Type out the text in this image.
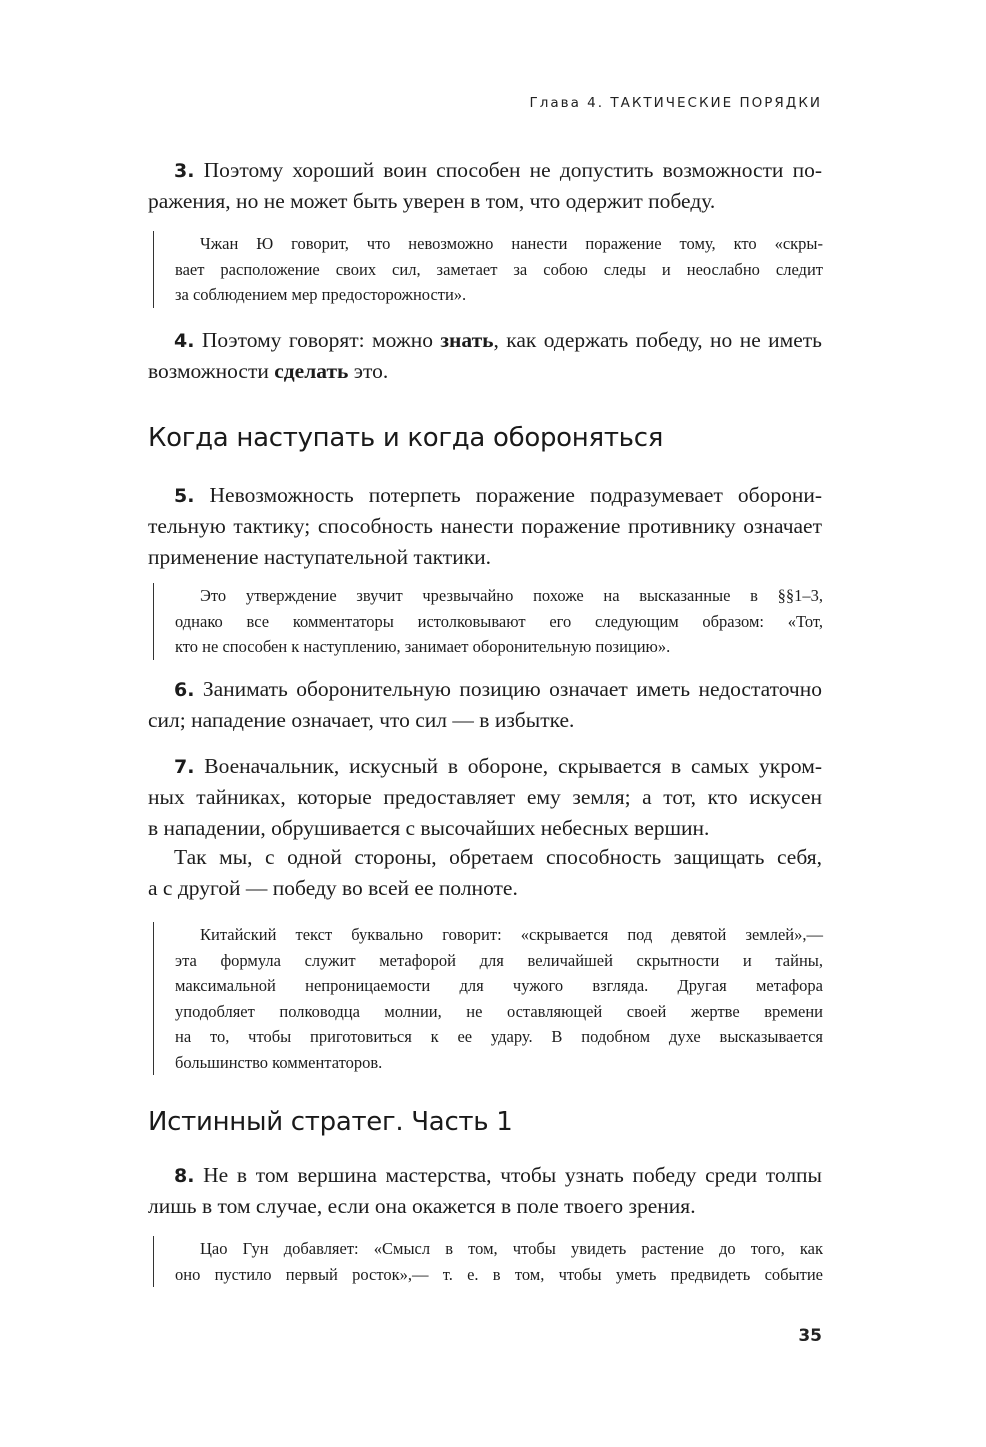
Глава 4. ТАКТИЧЕСКИЕ ПОРЯДКИ
Когда наступать и когда обороняться
Истинный стратег. Часть 1
3. Поэтому хороший воин способен не допустить возможности по-
ражения, но не может быть уверен в том, что одержит победу.
Чжан Ю говорит, что невозможно нанести поражение тому, кто «скры-
вает расположение своих сил, заметает за собою следы и неослабно следит
за соблюдением мер предосторожности».
4. Поэтому говорят: можно знать, как одержать победу, но не иметь
возможности сделать это.
5. Невозможность потерпеть поражение подразумевает оборони-
тельную тактику; способность нанести поражение противнику означает
применение наступательной тактики.
Это утверждение звучит чрезвычайно похоже на высказанные в §§1–3,
однако все комментаторы истолковывают его следующим образом: «Тот,
кто не способен к наступлению, занимает оборонительную позицию».
6. Занимать оборонительную позицию означает иметь недостаточно
сил; нападение означает, что сил — в избытке.
7. Военачальник, искусный в обороне, скрывается в самых укром-
ных тайниках, которые предоставляет ему земля; а тот, кто искусен
в нападении, обрушивается с высочайших небесных вершин.
Так мы, с одной стороны, обретаем способность защищать себя,
а с другой — победу во всей ее полноте.
Китайский текст буквально говорит: «скрывается под девятой землей»,—
эта формула служит метафорой для величайшей скрытности и тайны,
максимальной непроницаемости для чужого взгляда. Другая метафора
уподобляет полководца молнии, не оставляющей своей жертве времени
на то, чтобы приготовиться к ее удару. В подобном духе высказывается
большинство комментаторов.
8. Не в том вершина мастерства, чтобы узнать победу среди толпы
лишь в том случае, если она окажется в поле твоего зрения.
Цао Гун добавляет: «Смысл в том, чтобы увидеть растение до того, как
оно пустило первый росток»,— т. е. в том, чтобы уметь предвидеть событие
35
